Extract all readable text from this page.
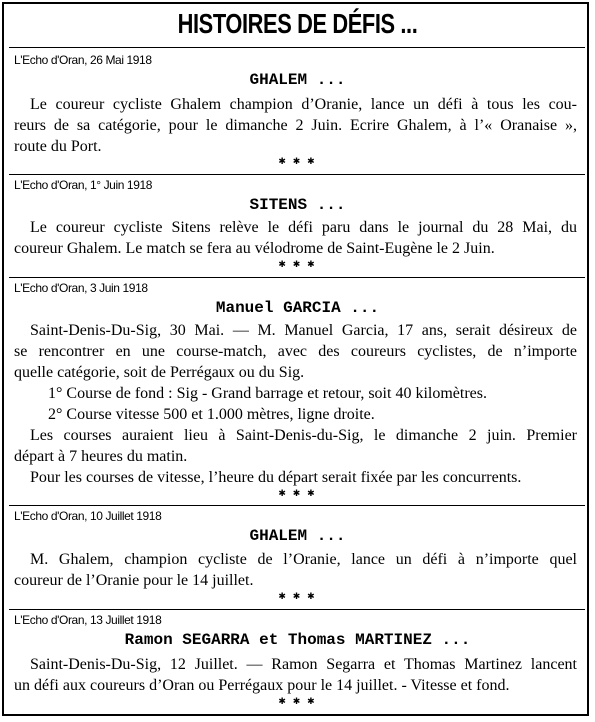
HISTOIRES DE DÉFIS ...
L'Echo d'Oran, 26 Mai 1918
GHALEM ...
Le coureur cycliste Ghalem champion d’Oranie, lance un défi à tous les cou-
reurs de sa catégorie, pour le dimanche 2 Juin. Ecrire Ghalem, à l’« Oranaise »,
route du Port.
✱ ✱ ✱
L'Echo d'Oran, 1° Juin 1918
SITENS ...
Le coureur cycliste Sitens relève le défi paru dans le journal du 28 Mai, du
coureur Ghalem. Le match se fera au vélodrome de Saint-Eugène le 2 Juin.
✱ ✱ ✱
L'Echo d'Oran, 3 Juin 1918
Manuel GARCIA ...
Saint-Denis-Du-Sig, 30 Mai. — M. Manuel Garcia, 17 ans, serait désireux de
se rencontrer en une course-match, avec des coureurs cyclistes, de n’importe
quelle catégorie, soit de Perrégaux ou du Sig.
1° Course de fond : Sig - Grand barrage et retour, soit 40 kilomètres.
2° Course vitesse 500 et 1.000 mètres, ligne droite.
Les courses auraient lieu à Saint-Denis-du-Sig, le dimanche 2 juin. Premier
départ à 7 heures du matin.
Pour les courses de vitesse, l’heure du départ serait fixée par les concurrents.
✱ ✱ ✱
L'Echo d'Oran, 10 Juillet 1918
GHALEM ...
M. Ghalem, champion cycliste de l’Oranie, lance un défi à n’importe quel
coureur de l’Oranie pour le 14 juillet.
✱ ✱ ✱
L'Echo d'Oran, 13 Juillet 1918
Ramon SEGARRA et Thomas MARTINEZ ...
Saint-Denis-Du-Sig, 12 Juillet. — Ramon Segarra et Thomas Martinez lancent
un défi aux coureurs d’Oran ou Perrégaux pour le 14 juillet. - Vitesse et fond.
✱ ✱ ✱
